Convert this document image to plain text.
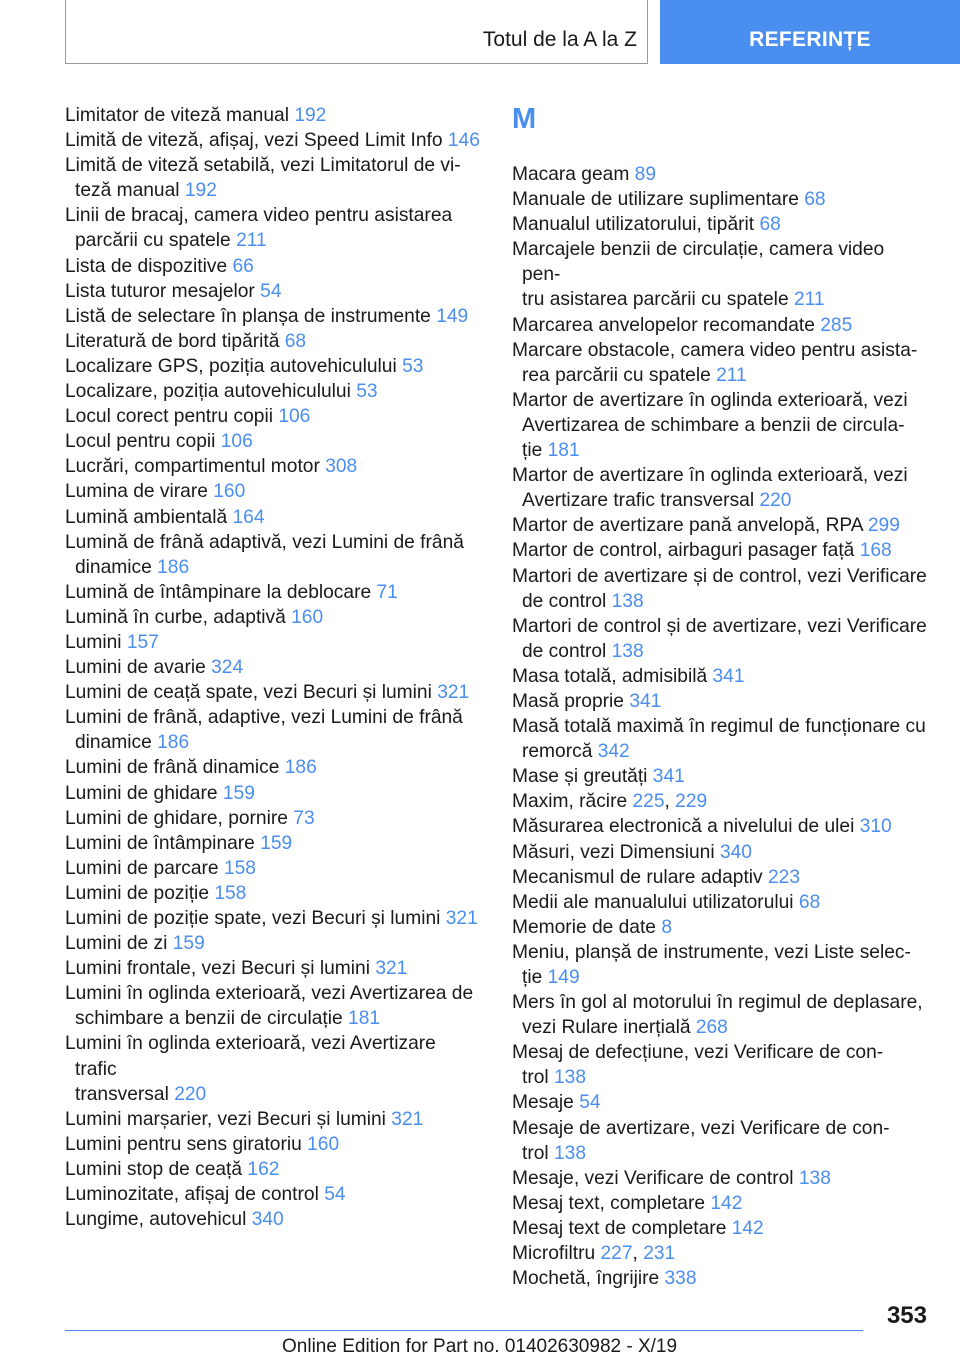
Totul de la A la Z	REFERINȚE
Limitator de viteză manual 192
Limită de viteză, afișaj, vezi Speed Limit Info 146
Limită de viteză setabilă, vezi Limitatorul de vi-
teză manual 192
Linii de bracaj, camera video pentru asistarea
parcării cu spatele 211
Lista de dispozitive 66
Lista tuturor mesajelor 54
Listă de selectare în planșa de instrumente 149
Literatură de bord tipărită 68
Localizare GPS, poziția autovehiculului 53
Localizare, poziția autovehiculului 53
Locul corect pentru copii 106
Locul pentru copii 106
Lucrări, compartimentul motor 308
Lumina de virare 160
Lumină ambientală 164
Lumină de frână adaptivă, vezi Lumini de frână
dinamice 186
Lumină de întâmpinare la deblocare 71
Lumină în curbe, adaptivă 160
Lumini 157
Lumini de avarie 324
Lumini de ceață spate, vezi Becuri și lumini 321
Lumini de frână, adaptive, vezi Lumini de frână
dinamice 186
Lumini de frână dinamice 186
Lumini de ghidare 159
Lumini de ghidare, pornire 73
Lumini de întâmpinare 159
Lumini de parcare 158
Lumini de poziție 158
Lumini de poziție spate, vezi Becuri și lumini 321
Lumini de zi 159
Lumini frontale, vezi Becuri și lumini 321
Lumini în oglinda exterioară, vezi Avertizarea de
schimbare a benzii de circulație 181
Lumini în oglinda exterioară, vezi Avertizare trafic
transversal 220
Lumini marșarier, vezi Becuri și lumini 321
Lumini pentru sens giratoriu 160
Lumini stop de ceață 162
Luminozitate, afișaj de control 54
Lungime, autovehicul 340
M
Macara geam 89
Manuale de utilizare suplimentare 68
Manualul utilizatorului, tipărit 68
Marcajele benzii de circulație, camera video pen-
tru asistarea parcării cu spatele 211
Marcarea anvelopelor recomandate 285
Marcare obstacole, camera video pentru asista-
rea parcării cu spatele 211
Martor de avertizare în oglinda exterioară, vezi
Avertizarea de schimbare a benzii de circula-
ție 181
Martor de avertizare în oglinda exterioară, vezi
Avertizare trafic transversal 220
Martor de avertizare pană anvelopă, RPA 299
Martor de control, airbaguri pasager față 168
Martori de avertizare și de control, vezi Verificare
de control 138
Martori de control și de avertizare, vezi Verificare
de control 138
Masa totală, admisibilă 341
Masă proprie 341
Masă totală maximă în regimul de funcționare cu
remorcă 342
Mase și greutăți 341
Maxim, răcire 225, 229
Măsurarea electronică a nivelului de ulei 310
Măsuri, vezi Dimensiuni 340
Mecanismul de rulare adaptiv 223
Medii ale manualului utilizatorului 68
Memorie de date 8
Meniu, planșă de instrumente, vezi Liste selec-
ție 149
Mers în gol al motorului în regimul de deplasare,
vezi Rulare inerțială 268
Mesaj de defecțiune, vezi Verificare de con-
trol 138
Mesaje 54
Mesaje de avertizare, vezi Verificare de con-
trol 138
Mesaje, vezi Verificare de control 138
Mesaj text, completare 142
Mesaj text de completare 142
Microfiltru 227, 231
Mochetă, îngrijire 338
353
Online Edition for Part no. 01402630982 - X/19
